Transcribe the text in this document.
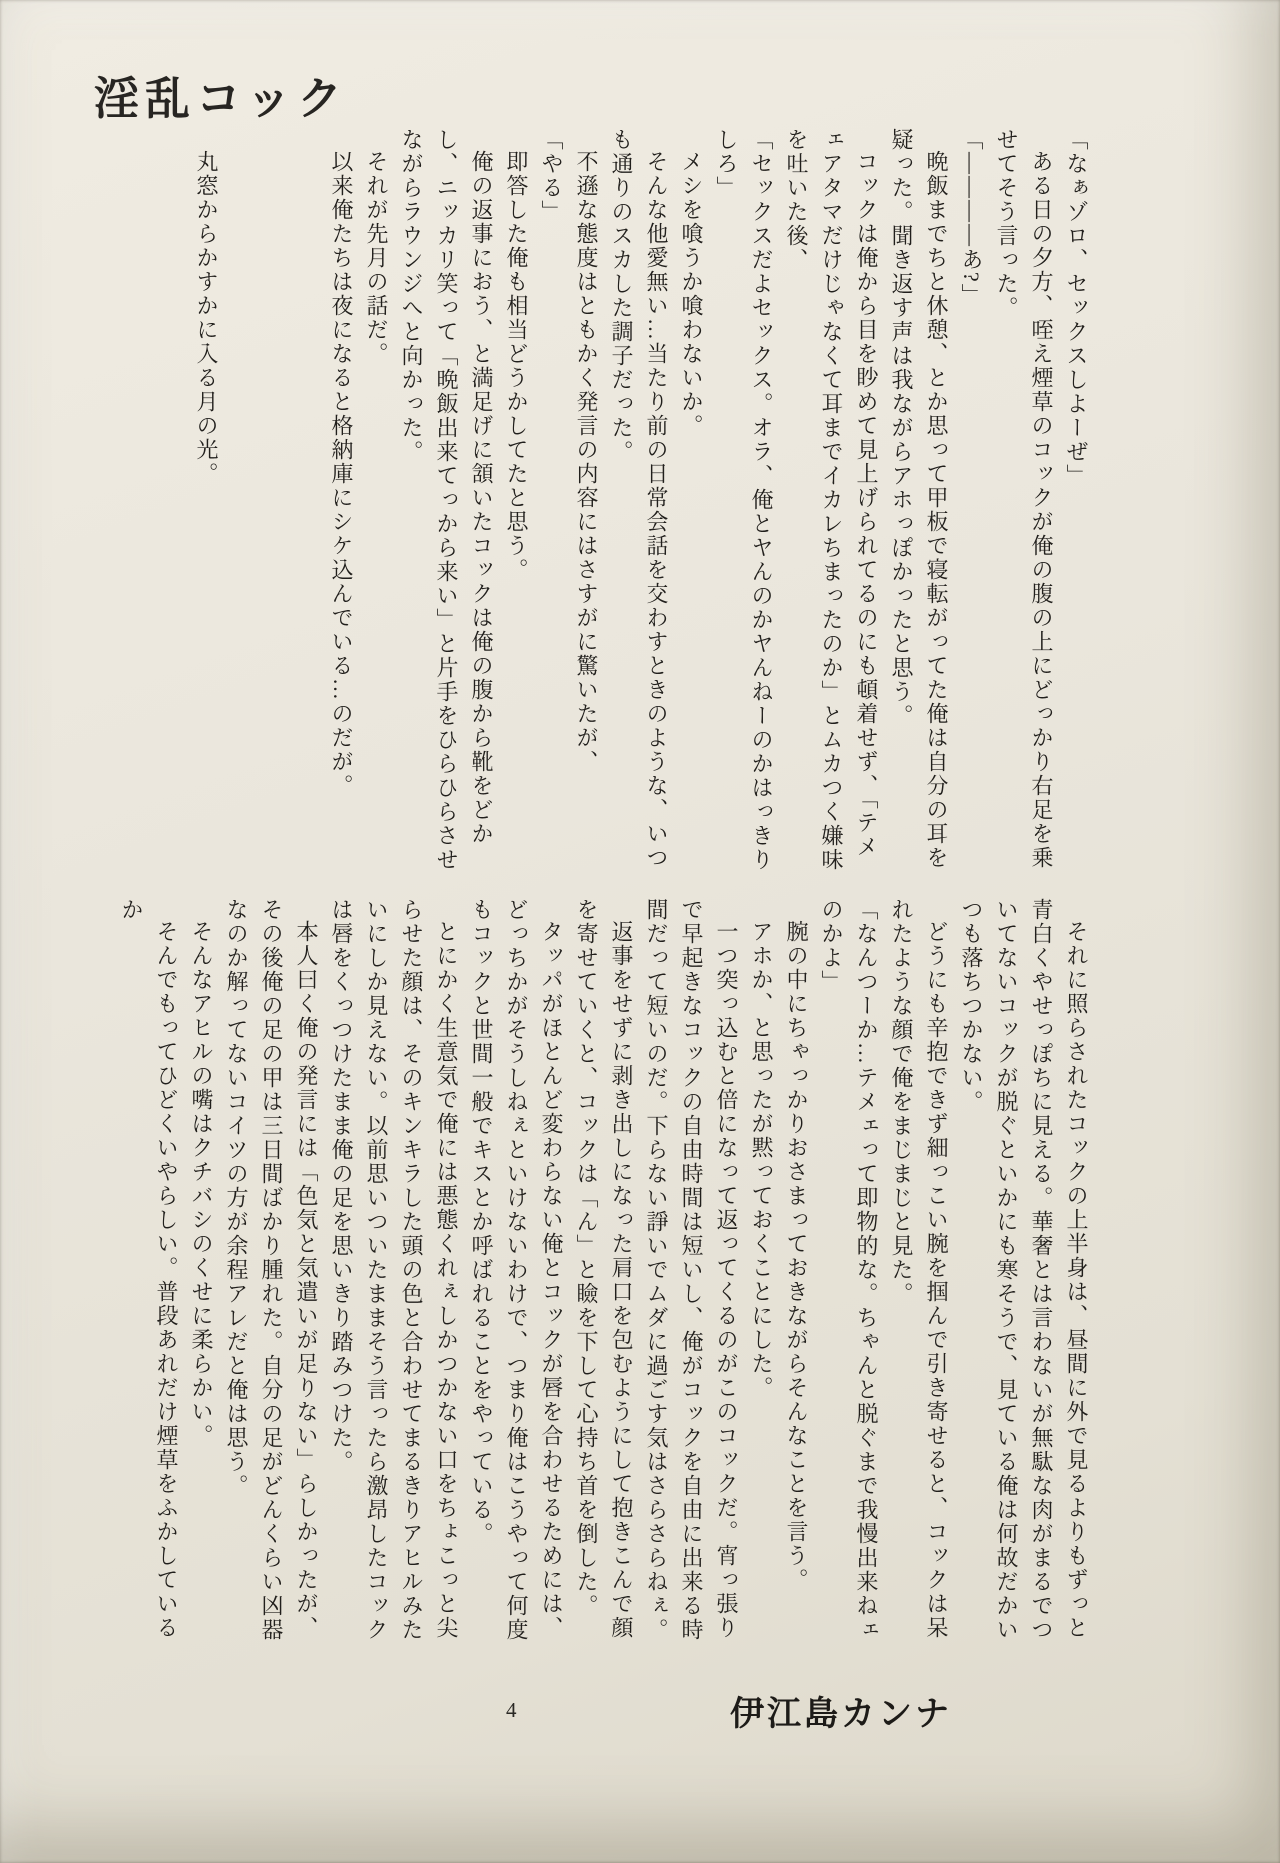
淫乱コック

「なぁゾロ、セックスしよーぜ」

ある日の夕方、咥え煙草のコックが俺の腹の上にどっかり右足を乗せてそう言った。

「――――あ?」

晩飯までちと休憩、とか思って甲板で寝転がってた俺は自分の耳を疑った。聞き返す声は我ながらアホっぽかったと思う。

コックは俺から目を眇めて見上げられてるのにも頓着せず、「テメェアタマだけじゃなくて耳までイカレちまったのか」とムカつく嫌味を吐いた後、

「セックスだよセックス。オラ、俺とヤんのかヤんねーのかはっきりしろ」

メシを喰うか喰わないか。

そんな他愛無い…当たり前の日常会話を交わすときのような、いつも通りのスカした調子だった。

不遜な態度はともかく発言の内容にはさすがに驚いたが、

「やる」

即答した俺も相当どうかしてたと思う。

俺の返事におう、と満足げに頷いたコックは俺の腹から靴をどかし、ニッカリ笑って「晩飯出来てっから来い」と片手をひらひらさせながらラウンジへと向かった。

それが先月の話だ。

以来俺たちは夜になると格納庫にシケ込んでいる…のだが。

丸窓からかすかに入る月の光。

それに照らされたコックの上半身は、昼間に外で見るよりもずっと青白くやせっぽちに見える。華奢とは言わないが無駄な肉がまるでついてないコックが脱ぐといかにも寒そうで、見ている俺は何故だかいつも落ちつかない。

どうにも辛抱できず細っこい腕を掴んで引き寄せると、コックは呆れたような顔で俺をまじまじと見た。

「なんつーか…テメェって即物的な。ちゃんと脱ぐまで我慢出来ねェのかよ」

腕の中にちゃっかりおさまっておきながらそんなことを言う。

アホか、と思ったが黙っておくことにした。

一つ突っ込むと倍になって返ってくるのがこのコックだ。宵っ張りで早起きなコックの自由時間は短いし、俺がコックを自由に出来る時間だって短いのだ。下らない諍いでムダに過ごす気はさらさらねぇ。

返事をせずに剥き出しになった肩口を包むようにして抱きこんで顔を寄せていくと、コックは「ん」と瞼を下して心持ち首を倒した。

タッパがほとんど変わらない俺とコックが唇を合わせるためには、どっちかがそうしねぇといけないわけで、つまり俺はこうやって何度もコックと世間一般でキスとか呼ばれることをやっている。

とにかく生意気で俺には悪態くれぇしかつかない口をちょこっと尖らせた顔は、そのキンキラした頭の色と合わせてまるきりアヒルみたいにしか見えない。以前思いついたままそう言ったら激昂したコックは唇をくっつけたまま俺の足を思いきり踏みつけた。

本人曰く俺の発言には「色気と気遣いが足りない」らしかったが、その後俺の足の甲は三日間ばかり腫れた。自分の足がどんくらい凶器なのか解ってないコイツの方が余程アレだと俺は思う。

そんなアヒルの嘴はクチバシのくせに柔らかい。

そんでもってひどくいやらしい。普段あれだけ煙草をふかしているか

伊江島カンナ
4
